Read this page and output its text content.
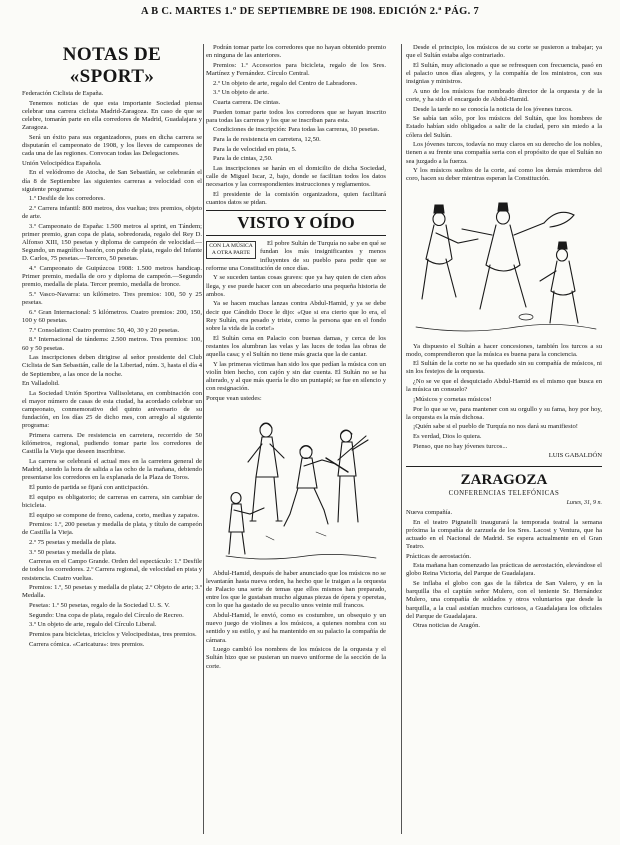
A B C. MARTES 1.º DE SEPTIEMBRE DE 1908. EDICIÓN 2.ª PÁG. 7
NOTAS DE «SPORT»

Federación Ciclista de España.

Tenemos noticias de que esta importante Sociedad piensa celebrar una carrera ciclista Madrid-Zaragoza. En caso de que se celebre, tomarán parte en ella corredores de Madrid, Guadalajara y Zaragoza.

Será un éxito para sus organizadores, pues en dicha carrera se disputarán el campeonato de 1908, y los lleves de campeones de cada una de las regiones. Convocan todas las Delegaciones.

Unión Velocipédica Española.

En el velódromo de Atocha, de San Sebastián, se celebrarán el día 8 de Septiembre las siguientes carreras a velocidad con el siguiente programa:

1.º Desfile de los corredores.

2.º Carrera infantil: 800 metros, dos vueltas; tres premios, objeto de arte.

3.º Campeonato de España: 1.500 metros al sprint, en Tándem; primer premio, gran copa de plata, sobredorada, regalo del Rey D. Alfonso XIII, 150 pesetas y diploma de campeón de velocidad.—Segundo, un magnífico bastón, con puño de plata, regalo del Infante D. Carlos, 75 pesetas.—Tercero, 50 pesetas.

4.º Campeonato de Guipúzcoa 1908: 1.500 metros handicap. Primer premio, medalla de oro y diploma de campeón.—Segundo premio, medalla de plata. Tercer premio, medalla de bronce.

5.º Vasco-Navarra: un kilómetro. Tres premios: 100, 50 y 25 pesetas.

6.º Gran Internacional: 5 kilómetros. Cuatro premios: 200, 150, 100 y 60 pesetas.

7.º Consolation: Cuatro premios: 50, 40, 30 y 20 pesetas.

8.º Internacional de tándems: 2.500 metros. Tres premios: 100, 60 y 50 pesetas.

Las inscripciones deben dirigirse al señor presidente del Club Ciclista de San Sebastián, calle de la Libertad, núm. 3, hasta el día 4 de Septiembre, a las once de la noche.

En Valladolid.

La Sociedad Unión Sportiva Vallisoletana, en combinación con el mayor número de casas de esta ciudad, ha acordado celebrar un campeonato, conmemorativo del quinto aniversario de su fundación, en los días 25 de dicho mes, con arreglo al siguiente programa:

Primera carrera. De resistencia en carretera, recorrido de 50 kilómetros, regional, pudiendo tomar parte los corredores de Castilla la Vieja que deseen inscribirse.

La carrera se celebrará el actual mes en la carretera general de Madrid, siendo la hora de salida a las ocho de la mañana, debiendo presentarse los corredores en la explanada de la Plaza de Toros.

El punto de partida se fijará con anticipación.

El equipo es obligatorio; de carreras en carrera, sin cambiar de bicicleta.

El equipo se compone de freno, cadena, corto, medias y zapatos.

Premios: 1.º, 200 pesetas y medalla de plata, y título de campeón de Castilla la Vieja.

2.º 75 pesetas y medalla de plata.

3.º 50 pesetas y medalla de plata.

Carreras en el Campo Grande. Orden del espectáculo: 1.º Desfile de todos los corredores. 2.º Carrera regional, de velocidad en pista y resistencia. Cuatro vueltas.

Premios: 1.º, 50 pesetas y medalla de plata; 2.º Objeto de arte; 3.º Medalla.

Pesetas: 1.º 50 pesetas, regalo de la Sociedad U. S. V.

Segundo: Una copa de plata, regalo del Círculo de Recreo.

3.º Un objeto de arte, regalo del Círculo Liberal.

Premios para bicicletas, triciclos y Velocipedistas, tres premios.

Carrera cómica. «Caricatura»: tres premios.

Podrán tomar parte los corredores que no hayan obtenido premio en ninguna de las anteriores.

Premios: 1.º Accesorios para bicicleta, regalo de los Sres. Martínez y Fernández. Círculo Central.

2.º Un objeto de arte, regalo del Centro de Labradores.

3.º Un objeto de arte.

Cuarta carrera. De cintas.

Pueden tomar parte todos los corredores que se hayan inscrito para todas las carreras y los que se inscriban para esta.

Condiciones de inscripción: Para todas las carreras, 10 pesetas.

Para la de resistencia en carretera, 12,50.

Para la de velocidad en pista, 5.

Para la de cintas, 2,50.

Las inscripciones se harán en el domicilio de dicha Sociedad, calle de Miguel Iscar, 2, bajo, donde se facilitan todos los datos necesarios y las correspondientes instrucciones y reglamentos.

El presidente de la comisión organizadora, quien facilitará cuantos datos se pidan.

VISTO Y OÍDO
CON LA MÚSICA A OTRA PARTE

El pobre Sultán de Turquía no sabe en qué se fundan los más insignificantes y menos influyentes de su pueblo para pedir que se reforme una Constitución de once días.

Y se suceden tantas cosas graves: que ya hay quien de cien años llega, y ese puede hacer con un abecedario una pequeña historia de ambos.

Ya se hacen muchas lanzas contra Abdul-Hamid, y ya se debe decir que Cándido Doce le dijo: «Que si era cierto que lo era, el Rey Sultán, era pesado y triste, como la persona que en el fondo sobre la vida de la corte!»

El Sultán cena en Palacio con buenas damas, y cerca de los restantes los alumbran las velas y las luces de todas las obras de aquella casa; y el Sultán no tiene más gracia que la de cantar.

Y las primeras víctimas han sido los que pedían la música con un violín bien hecho, con cajón y sin dar cuenta. El Sultán no se ha alterado, y al que más quería le dio un puntapié; se fue en silencio y con resignación.

Porque vean ustedes:

Abdul-Hamid, después de haber anunciado que los músicos no se levantarán hasta nueva orden, ha hecho que le traigan a la orquesta de Palacio una serie de temas que ellos mismos han preparado, entre los que le gustaban mucho algunas piezas de ópera y operetas, con lo que ha gastado de su peculio unos veinte mil francos.

Abdul-Hamid, le envió, como es costumbre, un obsequio y un nuevo juego de violines a los músicos, a quienes nombra con su sentido y su estilo, y así ha mantenido en su palacio la compañía de cámara.

Luego cambió los nombres de los músicos de la orquesta y el Sultán hizo que se pusieran un nuevo uniforme de la sección de la corte.

Desde el principio, los músicos de su corte se pusieron a trabajar; ya que el Sultán estaba algo contrariado.

El Sultán, muy aficionado a que se refresquen con frecuencia, pasó en el palacio unos días alegres, y la compañía de los ministros, con sus insignias y ministros.

A uno de los músicos fue nombrado director de la orquesta y de la corte, y ha sido el encargado de Abdul-Hamid.

Desde la tarde no se conocía la noticia de los jóvenes turcos.

Se sabía tan sólo, por los músicos del Sultán, que los hombres de Estado habían sido obligados a salir de la ciudad, pero sin miedo a la cólera del Sultán.

Los jóvenes turcos, todavía no muy claros en su derecho de los nobles, tienen a su frente una compañía seria con el propósito de que el Sultán no sea juzgado a la fuerza.

Y los músicos sueltos de la corte, así como los demás miembros del coro, hacen su deber mientras esperan la Constitución.

Ya dispuesto el Sultán a hacer concesiones, también los turcos a su modo, comprendieron que la música es buena para la conciencia.

El Sultán de la corte no se ha quedado sin su compañía de músicos, ni sin los festejos de la orquesta.

¿No se ve que el desquiciado Abdul-Hamid es el mismo que busca en la música un consuelo?

¡Músicos y cornetas músicos!

Por lo que se ve, para mantener con su orgullo y su fama, hoy por hoy, la orquesta es la más dichosa.

¡Quién sabe si el pueblo de Turquía no nos dará su manifiesto!

Es verdad, Dios lo quiera.

Pienso, que no hay jóvenes turcos...

LUIS GABALDÓN

ZARAGOZA
CONFERENCIAS TELEFÓNICAS
Lunes, 31, 9 n.

Nueva compañía.

En el teatro Pignatelli inaugurará la temporada teatral la semana próxima la compañía de zarzuela de los Sres. Lacost y Ventura, que ha actuado en el Nacional de Madrid. Se espera actualmente en el Gran Teatro.

Prácticas de aerostación.

Esta mañana han comenzado las prácticas de aerostación, elevándose el globo Reina Victoria, del Parque de Guadalajara.

Se inflaba el globo con gas de la fábrica de San Valero, y en la barquilla iba el capitán señor Mulero, con el teniente Sr. Hernández Mulero, una compañía de soldados y otros voluntarios que desde la barquilla, a la cual asistían muchos curiosos, a Guadalajara los oficiales del Parque de Guadalajara.

Otras noticias de Aragón.
